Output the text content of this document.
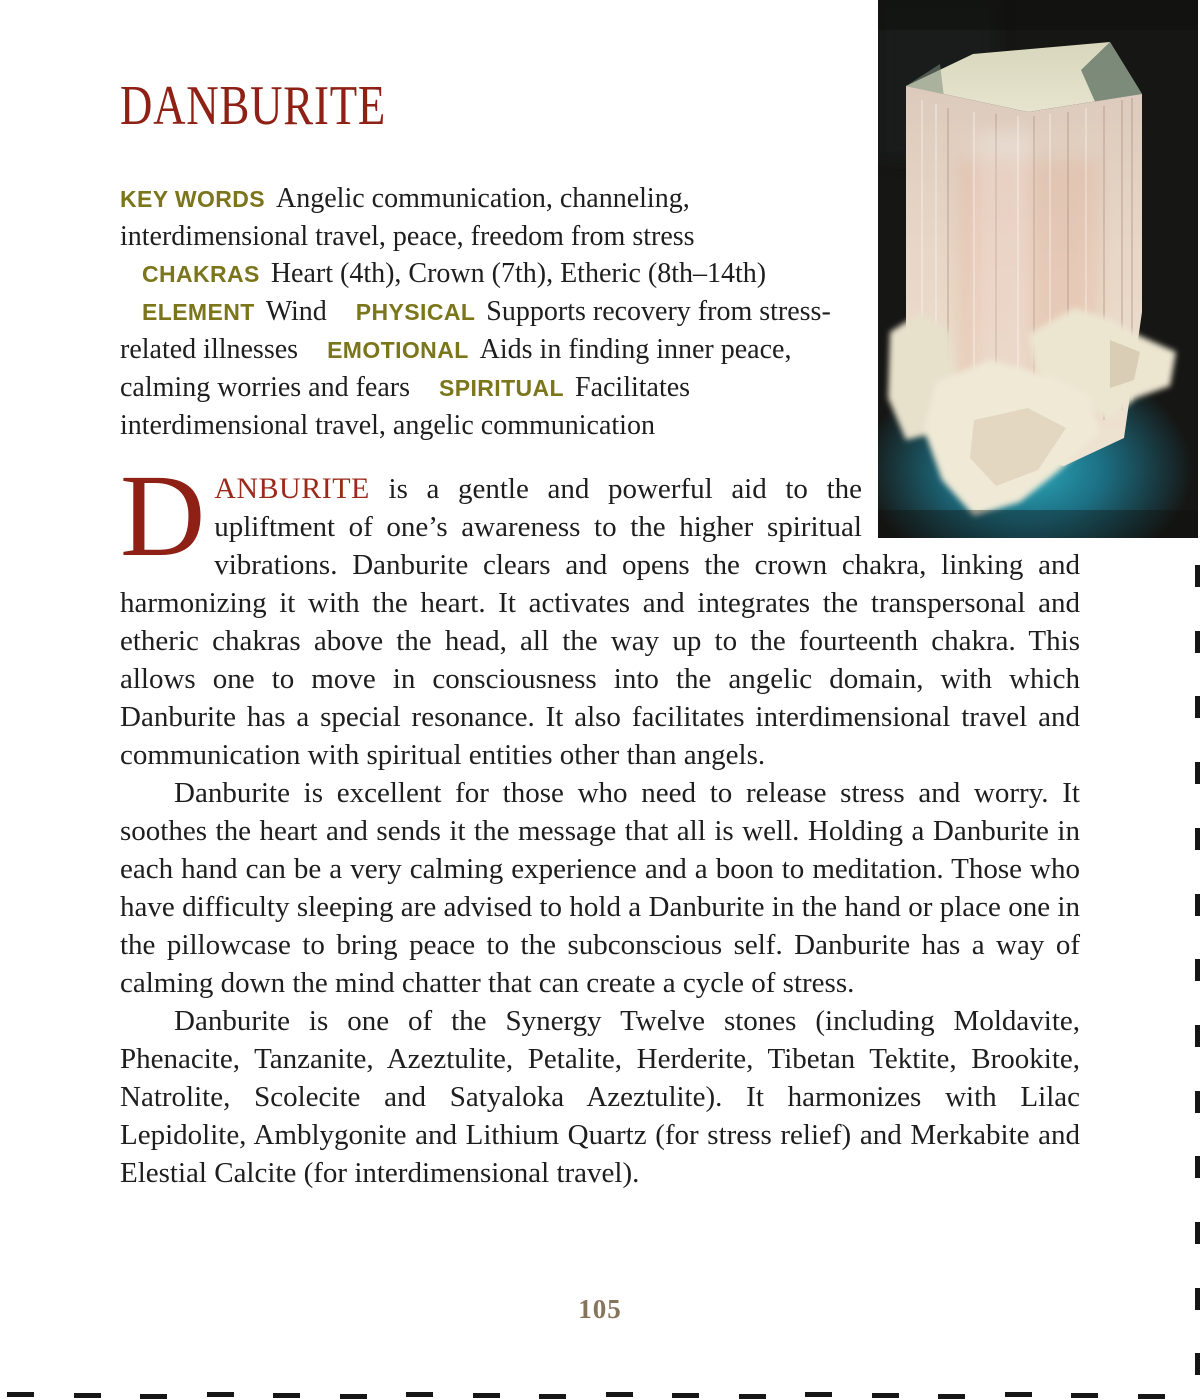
DANBURITE

KEY WORDS Angelic communication, channeling, interdimensional travel, peace, freedom from stress CHAKRAS Heart (4th), Crown (7th), Etheric (8th–14th) ELEMENT Wind PHYSICAL Supports recovery from stress-related illnesses EMOTIONAL Aids in finding inner peace, calming worries and fears SPIRITUAL Facilitates interdimensional travel, angelic communication

DANBURITE is a gentle and powerful aid to the upliftment of one’s awareness to the higher spiritual vibrations. Danburite clears and opens the crown chakra, linking and harmonizing it with the heart. It activates and integrates the transpersonal and etheric chakras above the head, all the way up to the fourteenth chakra. This allows one to move in consciousness into the angelic domain, with which Danburite has a special resonance. It also facilitates interdimensional travel and communication with spiritual entities other than angels.

Danburite is excellent for those who need to release stress and worry. It soothes the heart and sends it the message that all is well. Holding a Danburite in each hand can be a very calming experience and a boon to meditation. Those who have difficulty sleeping are advised to hold a Danburite in the hand or place one in the pillowcase to bring peace to the subconscious self. Danburite has a way of calming down the mind chatter that can create a cycle of stress.

Danburite is one of the Synergy Twelve stones (including Moldavite, Phenacite, Tanzanite, Azeztulite, Petalite, Herderite, Tibetan Tektite, Brookite, Natrolite, Scolecite and Satyaloka Azeztulite). It harmonizes with Lilac Lepidolite, Amblygonite and Lithium Quartz (for stress relief) and Merkabite and Elestial Calcite (for interdimensional travel).

105
